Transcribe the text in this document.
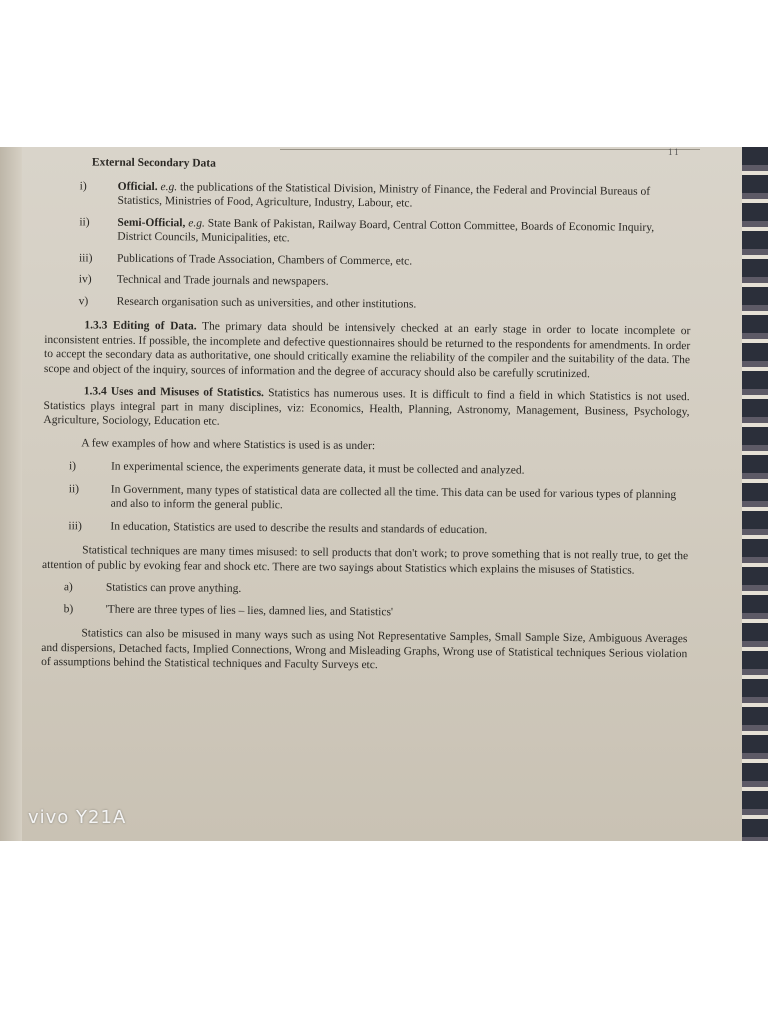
11
External Secondary Data
i)	Official. e.g. the publications of the Statistical Division, Ministry of Finance, the Federal and Provincial Bureaus of Statistics, Ministries of Food, Agriculture, Industry, Labour, etc.
ii) Semi-Official, e.g. State Bank of Pakistan, Railway Board, Central Cotton Committee, Boards of Economic Inquiry, District Councils, Municipalities, etc.
iii) Publications of Trade Association, Chambers of Commerce, etc.
iv) Technical and Trade journals and newspapers.
v) Research organisation such as universities, and other institutions.

1.3.3 Editing of Data. The primary data should be intensively checked at an early stage in order to locate incomplete or inconsistent entries. If possible, the incomplete and defective questionnaires should be returned to the respondents for amendments. In order to accept the secondary data as authoritative, one should critically examine the reliability of the compiler and the suitability of the data. The scope and object of the inquiry, sources of information and the degree of accuracy should also be carefully scrutinized.

1.3.4 Uses and Misuses of Statistics. Statistics has numerous uses. It is difficult to find a field in which Statistics is not used. Statistics plays integral part in many disciplines, viz: Economics, Health, Planning, Astronomy, Management, Business, Psychology, Agriculture, Sociology, Education etc.

A few examples of how and where Statistics is used is as under:
i)	In experimental science, the experiments generate data, it must be collected and analyzed.
ii)	In Government, many types of statistical data are collected all the time. This data can be used for various types of planning and also to inform the general public.
iii) In education, Statistics are used to describe the results and standards of education.

Statistical techniques are many times misused: to sell products that don't work; to prove something that is not really true, to get the attention of public by evoking fear and shock etc. There are two sayings about Statistics which explains the misuses of Statistics.

a)	Statistics can prove anything.
b)	'There are three types of lies – lies, damned lies, and Statistics'

Statistics can also be misused in many ways such as using Not Representative Samples, Small Sample Size, Ambiguous Averages and dispersions, Detached facts, Implied Connections, Wrong and Misleading Graphs, Wrong use of Statistical techniques Serious violation of assumptions behind the Statistical techniques and Faculty Surveys etc.

vivo Y21A
